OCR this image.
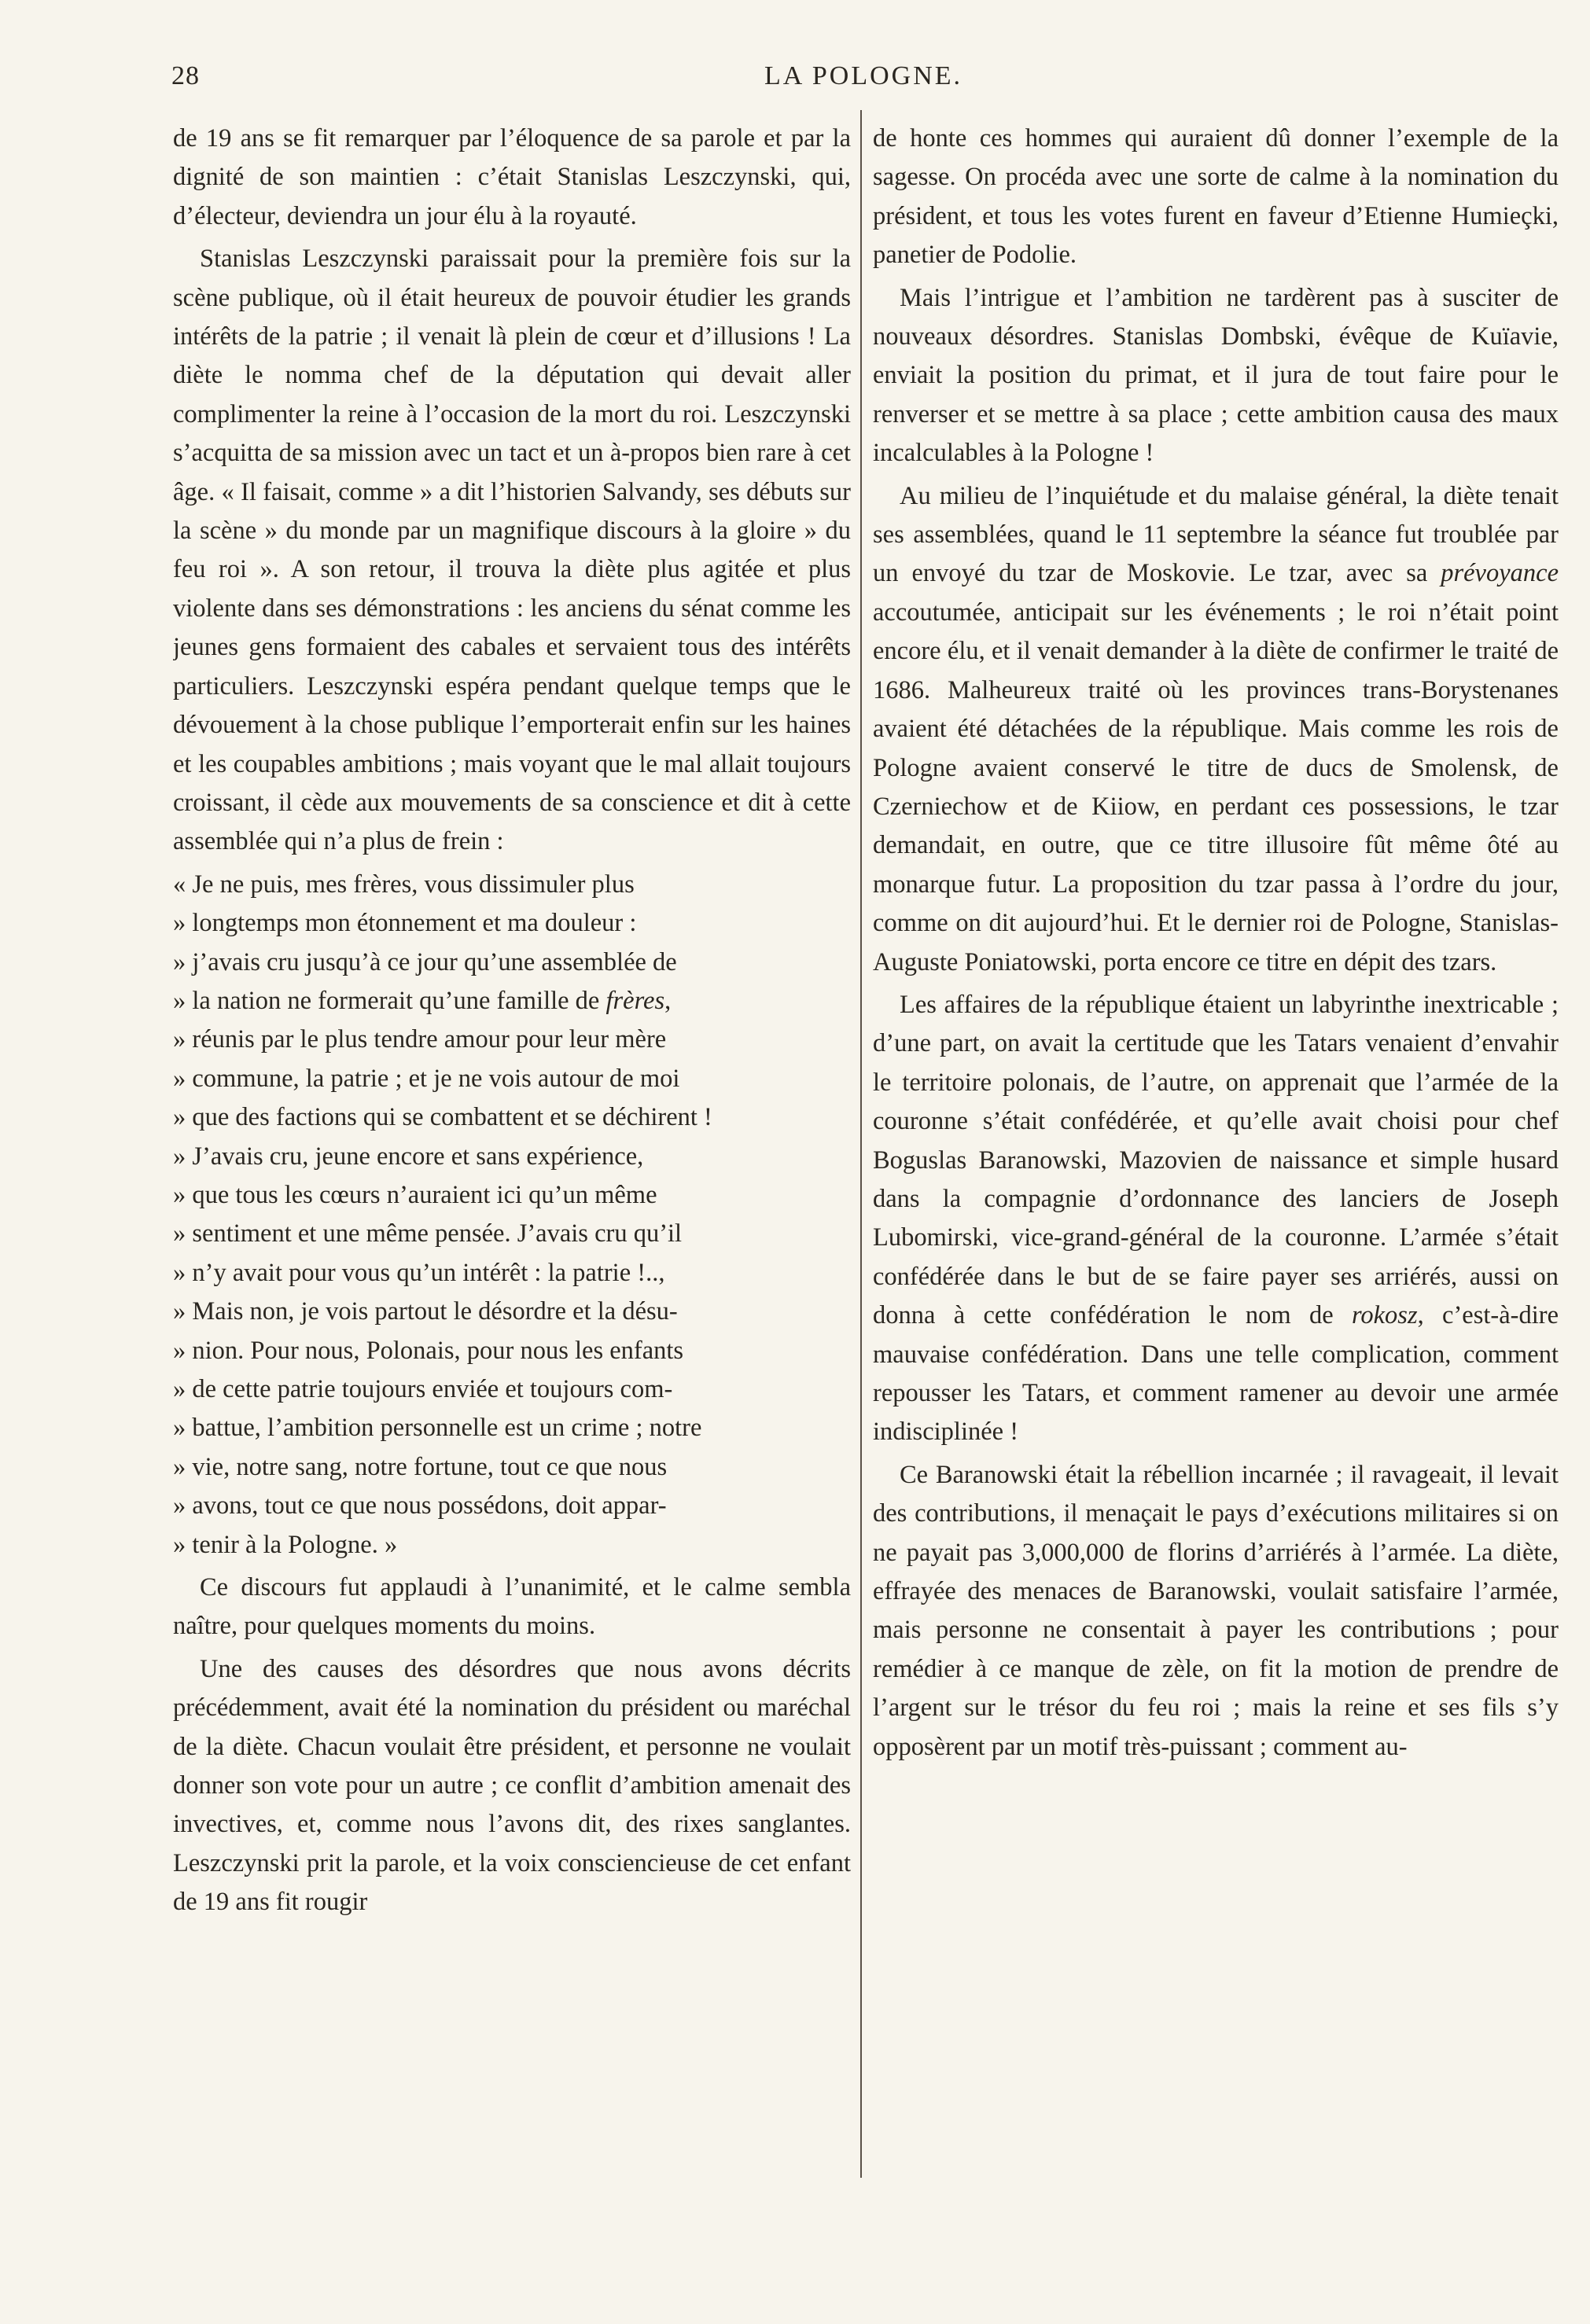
28	LA POLOGNE.

de 19 ans se fit remarquer par l’éloquence de sa parole et par la dignité de son maintien : c’était Stanislas Leszczynski, qui, d’électeur, deviendra un jour élu à la royauté.

Stanislas Leszczynski paraissait pour la première fois sur la scène publique, où il était heureux de pouvoir étudier les grands intérêts de la patrie ; il venait là plein de cœur et d’illusions ! La diète le nomma chef de la députation qui devait aller complimenter la reine à l’occasion de la mort du roi. Leszczynski s’acquitta de sa mission avec un tact et un à-propos bien rare à cet âge. « Il faisait, comme » a dit l’historien Salvandy, ses débuts sur la scène » du monde par un magnifique discours à la gloire » du feu roi ». A son retour, il trouva la diète plus agitée et plus violente dans ses démonstrations : les anciens du sénat comme les jeunes gens formaient des cabales et servaient tous des intérêts particuliers. Leszczynski espéra pendant quelque temps que le dévouement à la chose publique l’emporterait enfin sur les haines et les coupables ambitions ; mais voyant que le mal allait toujours croissant, il cède aux mouvements de sa conscience et dit à cette assemblée qui n’a plus de frein :

« Je ne puis, mes frères, vous dissimuler plus
» longtemps mon étonnement et ma douleur :
» j’avais cru jusqu’à ce jour qu’une assemblée de
» la nation ne formerait qu’une famille de frères,
» réunis par le plus tendre amour pour leur mère
» commune, la patrie ; et je ne vois autour de moi
» que des factions qui se combattent et se déchirent !
» J’avais cru, jeune encore et sans expérience,
» que tous les cœurs n’auraient ici qu’un même
» sentiment et une même pensée. J’avais cru qu’il
» n’y avait pour vous qu’un intérêt : la patrie !..,
» Mais non, je vois partout le désordre et la désu-
» nion. Pour nous, Polonais, pour nous les enfants
» de cette patrie toujours enviée et toujours com-
» battue, l’ambition personnelle est un crime ; notre
» vie, notre sang, notre fortune, tout ce que nous
» avons, tout ce que nous possédons, doit appar-
» tenir à la Pologne. »

Ce discours fut applaudi à l’unanimité, et le calme sembla naître, pour quelques moments du moins.

Une des causes des désordres que nous avons décrits précédemment, avait été la nomination du président ou maréchal de la diète. Chacun voulait être président, et personne ne voulait donner son vote pour un autre ; ce conflit d’ambition amenait des invectives, et, comme nous l’avons dit, des rixes sanglantes. Leszczynski prit la parole, et la voix consciencieuse de cet enfant de 19 ans fit rougir

de honte ces hommes qui auraient dû donner l’exemple de la sagesse. On procéda avec une sorte de calme à la nomination du président, et tous les votes furent en faveur d’Etienne Humieçki, panetier de Podolie.

Mais l’intrigue et l’ambition ne tardèrent pas à susciter de nouveaux désordres. Stanislas Dombski, évêque de Kuïavie, enviait la position du primat, et il jura de tout faire pour le renverser et se mettre à sa place ; cette ambition causa des maux incalculables à la Pologne !

Au milieu de l’inquiétude et du malaise général, la diète tenait ses assemblées, quand le 11 septembre la séance fut troublée par un envoyé du tzar de Moskovie. Le tzar, avec sa prévoyance accoutumée, anticipait sur les événements ; le roi n’était point encore élu, et il venait demander à la diète de confirmer le traité de 1686. Malheureux traité où les provinces trans-Borystenanes avaient été détachées de la république. Mais comme les rois de Pologne avaient conservé le titre de ducs de Smolensk, de Czerniechow et de Kiiow, en perdant ces possessions, le tzar demandait, en outre, que ce titre illusoire fût même ôté au monarque futur. La proposition du tzar passa à l’ordre du jour, comme on dit aujourd’hui. Et le dernier roi de Pologne, Stanislas-Auguste Poniatowski, porta encore ce titre en dépit des tzars.

Les affaires de la république étaient un labyrinthe inextricable ; d’une part, on avait la certitude que les Tatars venaient d’envahir le territoire polonais, de l’autre, on apprenait que l’armée de la couronne s’était confédérée, et qu’elle avait choisi pour chef Boguslas Baranowski, Mazovien de naissance et simple husard dans la compagnie d’ordonnance des lanciers de Joseph Lubomirski, vice-grand-général de la couronne. L’armée s’était confédérée dans le but de se faire payer ses arriérés, aussi on donna à cette confédération le nom de rokosz, c’est-à-dire mauvaise confédération. Dans une telle complication, comment repousser les Tatars, et comment ramener au devoir une armée indisciplinée !

Ce Baranowski était la rébellion incarnée ; il ravageait, il levait des contributions, il menaçait le pays d’exécutions militaires si on ne payait pas 3,000,000 de florins d’arriérés à l’armée. La diète, effrayée des menaces de Baranowski, voulait satisfaire l’armée, mais personne ne consentait à payer les contributions ; pour remédier à ce manque de zèle, on fit la motion de prendre de l’argent sur le trésor du feu roi ; mais la reine et ses fils s’y opposèrent par un motif très-puissant ; comment au-
